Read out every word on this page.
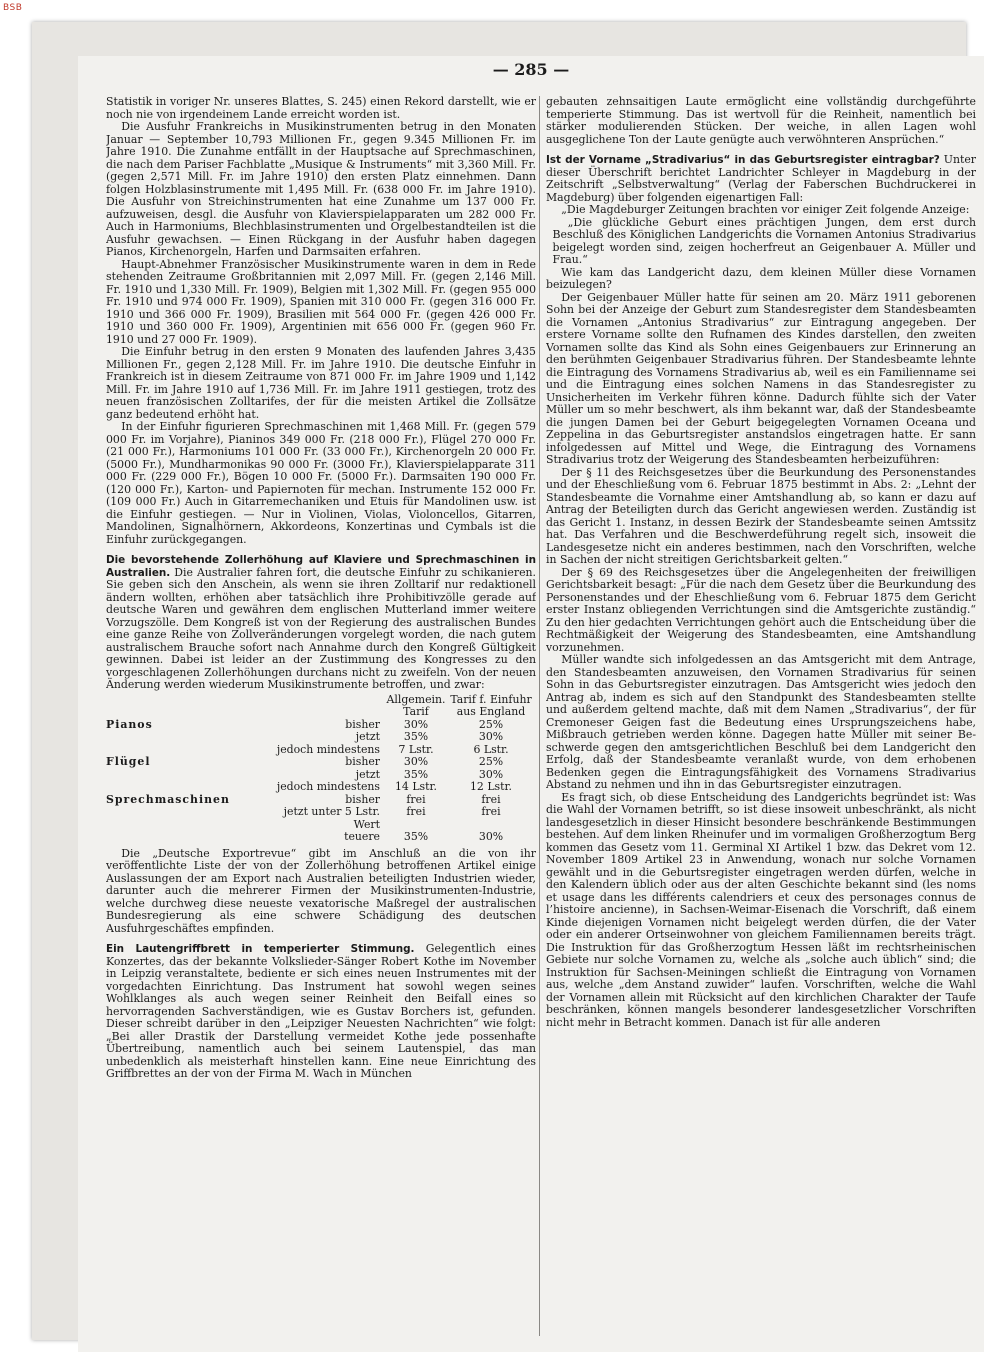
BSB
— 285 —

Statistik in voriger Nr. unseres Blattes, S. 245) einen Rekord darstellt, wie er noch nie von irgendeinem Lande erreicht worden ist.

Die Ausfuhr Frankreichs in Musikinstrumenten betrug in den Monaten Januar — September 10,793 Millionen Fr., gegen 9.345 Millionen Fr. im Jahre 1910. Die Zunahme entfällt in der Hauptsache auf Sprechmaschinen, die nach dem Pariser Fachblatte „Musique & Instruments“ mit 3,360 Mill. Fr. (gegen 2,571 Mill. Fr. im Jahre 1910) den ersten Platz einnehmen. Dann folgen Holzblasinstrumente mit 1,495 Mill. Fr. (638 000 Fr. im Jahre 1910). Die Ausfuhr von Streichinstrumenten hat eine Zunahme um 137 000 Fr. aufzuweisen, desgl. die Ausfuhr von Klavierspielapparaten um 282 000 Fr. Auch in Harmoniums, Blechblasinstrumenten und Orgelbestandteilen ist die Ausfuhr gewachsen. — Einen Rückgang in der Ausfuhr haben dagegen Pianos, Kirchenorgeln, Harfen und Darmsaiten erfahren.

Haupt-Abnehmer Französischer Musikinstrumente waren in dem in Rede stehenden Zeitraume Großbritannien mit 2,097 Mill. Fr. (gegen 2,146 Mill. Fr. 1910 und 1,330 Mill. Fr. 1909), Belgien mit 1,302 Mill. Fr. (gegen 955 000 Fr. 1910 und 974 000 Fr. 1909), Spanien mit 310 000 Fr. (gegen 316 000 Fr. 1910 und 366 000 Fr. 1909), Brasilien mit 564 000 Fr. (gegen 426 000 Fr. 1910 und 360 000 Fr. 1909), Argentinien mit 656 000 Fr. (gegen 960 Fr. 1910 und 27 000 Fr. 1909).

Die Einfuhr betrug in den ersten 9 Monaten des laufenden Jahres 3,435 Millionen Fr., gegen 2,128 Mill. Fr. im Jahre 1910. Die deutsche Einfuhr in Frankreich ist in diesem Zeitraume von 871 000 Fr. im Jahre 1909 und 1,142 Mill. Fr. im Jahre 1910 auf 1,736 Mill. Fr. im Jahre 1911 gestiegen, trotz des neuen französischen Zolltarifes, der für die meisten Artikel die Zollsätze ganz bedeutend erhöht hat.

In der Einfuhr figurieren Sprechmaschinen mit 1,468 Mill. Fr. (gegen 579 000 Fr. im Vorjahre), Pianinos 349 000 Fr. (218 000 Fr.), Flügel 270 000 Fr. (21 000 Fr.), Harmoniums 101 000 Fr. (33 000 Fr.), Kirchenorgeln 20 000 Fr. (5000 Fr.), Mundharmonikas 90 000 Fr. (3000 Fr.), Klavierspielapparate 311 000 Fr. (229 000 Fr.), Bögen 10 000 Fr. (5000 Fr.). Darmsaiten 190 000 Fr. (120 000 Fr.), Karton- und Papiernoten für mechan. Instrumente 152 000 Fr. (109 000 Fr.) Auch in Gitarremechaniken und Etuis für Mandolinen usw. ist die Einfuhr gestiegen. — Nur in Violinen, Violas, Violoncellos, Gitarren, Mandolinen, Signalhörnern, Akkordeons, Konzertinas und Cymbals ist die Einfuhr zurückgegangen.

Die bevorstehende Zollerhöhung auf Klaviere und Sprechmaschinen in Australien. Die Australier fahren fort, die deutsche Einfuhr zu schikanieren. Sie geben sich den Anschein, als wenn sie ihren Zolltarif nur redaktionell ändern wollten, erhöhen aber tatsächlich ihre Prohibitivzölle gerade auf deutsche Waren und gewähren dem englischen Mutterland immer weitere Vorzugszölle. Dem Kongreß ist von der Regierung des australischen Bundes eine ganze Reihe von Zollveränderungen vorgelegt worden, die nach gutem australischem Brauche sofort nach Annahme durch den Kongreß Gültigkeit gewinnen. Dabei ist leider an der Zustimmung des Kongresses zu den vorgeschlagenen Zollerhöhungen durchans nicht zu zweifeln. Von der neuen Änderung werden wiederum Musikinstrumente betroffen, und zwar:

		Allgemein.	Tarif f. Einfuhr
		Tarif	aus England
Pianos	bisher	30%	25%
	jetzt	35%	30%
	jedoch mindestens	7 Lstr.	6 Lstr.
Flügel	bisher	30%	25%
	jetzt	35%	30%
	jedoch mindestens	14 Lstr.	12 Lstr.
Sprechmaschinen	bisher	frei	frei
	jetzt unter 5 Lstr. Wert	frei	frei
	teuere	35%	30%

Die „Deutsche Exportrevue“ gibt im Anschluß an die von ihr veröffentlichte Liste der von der Zollerhöhung betroffenen Artikel einige Auslassungen der am Export nach Australien beteiligten Industrien wieder, darunter auch die mehrerer Firmen der Musikinstrumenten-Industrie, welche durchweg diese neueste vexatorische Maßregel der australischen Bundesregierung als eine schwere Schädigung des deutschen Ausfuhrgeschäftes empfinden.

Ein Lautengriffbrett in temperierter Stimmung. Gelegentlich eines Konzertes, das der bekannte Volkslieder-Sänger Robert Kothe im November in Leipzig veranstaltete, bediente er sich eines neuen Instrumentes mit der vorgedachten Einrichtung. Das Instrument hat sowohl wegen seines Wohlklanges als auch wegen seiner Reinheit den Beifall eines so hervorragenden Sachverständigen, wie es Gustav Borchers ist, gefunden. Dieser schreibt darüber in den „Leipziger Neuesten Nachrichten“ wie folgt: „Bei aller Drastik der Darstellung vermeidet Kothe jede possenhafte Übertreibung, namentlich auch bei seinem Lautenspiel, das man unbedenklich als meisterhaft hinstellen kann. Eine neue Einrichtung des Griffbrettes an der von der Firma M. Wach in München

gebauten zehnsaitigen Laute ermöglicht eine vollständig durchgeführte temperierte Stimmung. Das ist wertvoll für die Reinheit, namentlich bei stärker modulierenden Stücken. Der weiche, in allen Lagen wohl ausgeglichene Ton der Laute genügte auch verwöhnteren Ansprüchen.“

Ist der Vorname „Stradivarius“ in das Geburtsregister eintragbar? Unter dieser Überschrift berichtet Landrichter Schleyer in Magdeburg in der Zeitschrift „Selbstverwaltung“ (Verlag der Faberschen Buchdruckerei in Magdeburg) über folgenden eigenartigen Fall:

„Die Magdeburger Zeitungen brachten vor einiger Zeit folgende Anzeige:

„Die glückliche Geburt eines prächtigen Jungen, dem erst durch Beschluß des Königlichen Landgerichts die Vornamen Antonius Stradivarius beigelegt worden sind, zeigen hocherfreut an Geigenbauer A. Müller und Frau.“

Wie kam das Landgericht dazu, dem kleinen Müller diese Vornamen beizulegen?

Der Geigenbauer Müller hatte für seinen am 20. März 1911 geborenen Sohn bei der Anzeige der Geburt zum Standesregister dem Standesbeamten die Vornamen „Antonius Stradivarius“ zur Eintragung angegeben. Der erstere Vorname sollte den Rufnamen des Kindes darstellen, den zweiten Vornamen sollte das Kind als Sohn eines Geigenbauers zur Erinnerung an den berühmten Geigenbauer Stradivarius führen. Der Standesbeamte lehnte die Eintragung des Vornamens Stradivarius ab, weil es ein Familienname sei und die Eintragung eines solchen Namens in das Standesregister zu Unsicherheiten im Verkehr führen könne. Dadurch fühlte sich der Vater Müller um so mehr beschwert, als ihm bekannt war, daß der Standesbeamte die jungen Damen bei der Geburt beigegelegten Vornamen Oceana und Zeppelina in das Geburtsregister anstandslos eingetragen hatte. Er sann infolgedessen auf Mittel und Wege, die Eintragung des Vornamens Stradivarius trotz der Weigerung des Standesbeamten herbeizuführen:

Der § 11 des Reichsgesetzes über die Beurkundung des Personenstandes und der Eheschließung vom 6. Februar 1875 bestimmt in Abs. 2: „Lehnt der Standesbeamte die Vornahme einer Amtshandlung ab, so kann er dazu auf Antrag der Beteiligten durch das Gericht angewiesen werden. Zuständig ist das Gericht 1. Instanz, in dessen Bezirk der Standesbeamte seinen Amtssitz hat. Das Verfahren und die Beschwerdeführung regelt sich, insoweit die Landesgesetze nicht ein anderes bestimmen, nach den Vorschriften, welche in Sachen der nicht streitigen Gerichtsbarkeit gelten.“

Der § 69 des Reichsgesetzes über die Angelegenheiten der freiwilligen Gerichtsbarkeit besagt: „Für die nach dem Gesetz über die Beurkundung des Personenstandes und der Eheschließung vom 6. Februar 1875 dem Gericht erster Instanz obliegenden Verrichtungen sind die Amtsgerichte zuständig.“ Zu den hier gedachten Verrichtungen gehört auch die Entscheidung über die Rechtmäßigkeit der Weigerung des Standesbeamten, eine Amtshandlung vorzunehmen.

Müller wandte sich infolgedessen an das Amtsgericht mit dem Antrage, den Standesbeamten anzuweisen, den Vornamen Stradivarius für seinen Sohn in das Geburtsregister einzutragen. Das Amtsgericht wies jedoch den Antrag ab, indem es sich auf den Standpunkt des Standesbeamten stellte und außerdem geltend machte, daß mit dem Namen „Stradivarius“, der für Cremoneser Geigen fast die Bedeutung eines Ursprungszeichens habe, Mißbrauch getrieben werden könne. Dagegen hatte Müller mit seiner Beschwerde gegen den amtsgerichtlichen Beschluß bei dem Landgericht den Erfolg, daß der Standesbeamte veranlaßt wurde, von dem erhobenen Bedenken gegen die Eintragungsfähigkeit des Vornamens Stradivarius Abstand zu nehmen und ihn in das Geburtsregister einzutragen.

Es fragt sich, ob diese Entscheidung des Landgerichts begründet ist: Was die Wahl der Vornamen betrifft, so ist diese insoweit unbeschränkt, als nicht landesgesetzlich in dieser Hinsicht besondere beschränkende Bestimmungen bestehen. Auf dem linken Rheinufer und im vormaligen Großherzogtum Berg kommen das Gesetz vom 11. Germinal XI Artikel 1 bzw. das Dekret vom 12. November 1809 Artikel 23 in Anwendung, wonach nur solche Vornamen gewählt und in die Geburtsregister eingetragen werden dürfen, welche in den Kalendern üblich oder aus der alten Geschichte bekannt sind (les noms et usage dans les différents calendriers et ceux des personages connus de l’histoire ancienne), in Sachsen-Weimar-Eisenach die Vorschrift, daß einem Kinde diejenigen Vornamen nicht beigelegt werden dürfen, die der Vater oder ein anderer Ortseinwohner von gleichem Familiennamen bereits trägt. Die Instruktion für das Großherzogtum Hessen läßt im rechtsrheinischen Gebiete nur solche Vornamen zu, welche als „solche auch üblich“ sind; die Instruktion für Sachsen-Meiningen schließt die Eintragung von Vornamen aus, welche „dem Anstand zuwider“ laufen. Vorschriften, welche die Wahl der Vornamen allein mit Rücksicht auf den kirchlichen Charakter der Taufe beschränken, können mangels besonderer landesgesetzlicher Vorschriften nicht mehr in Betracht kommen. Danach ist für alle anderen
